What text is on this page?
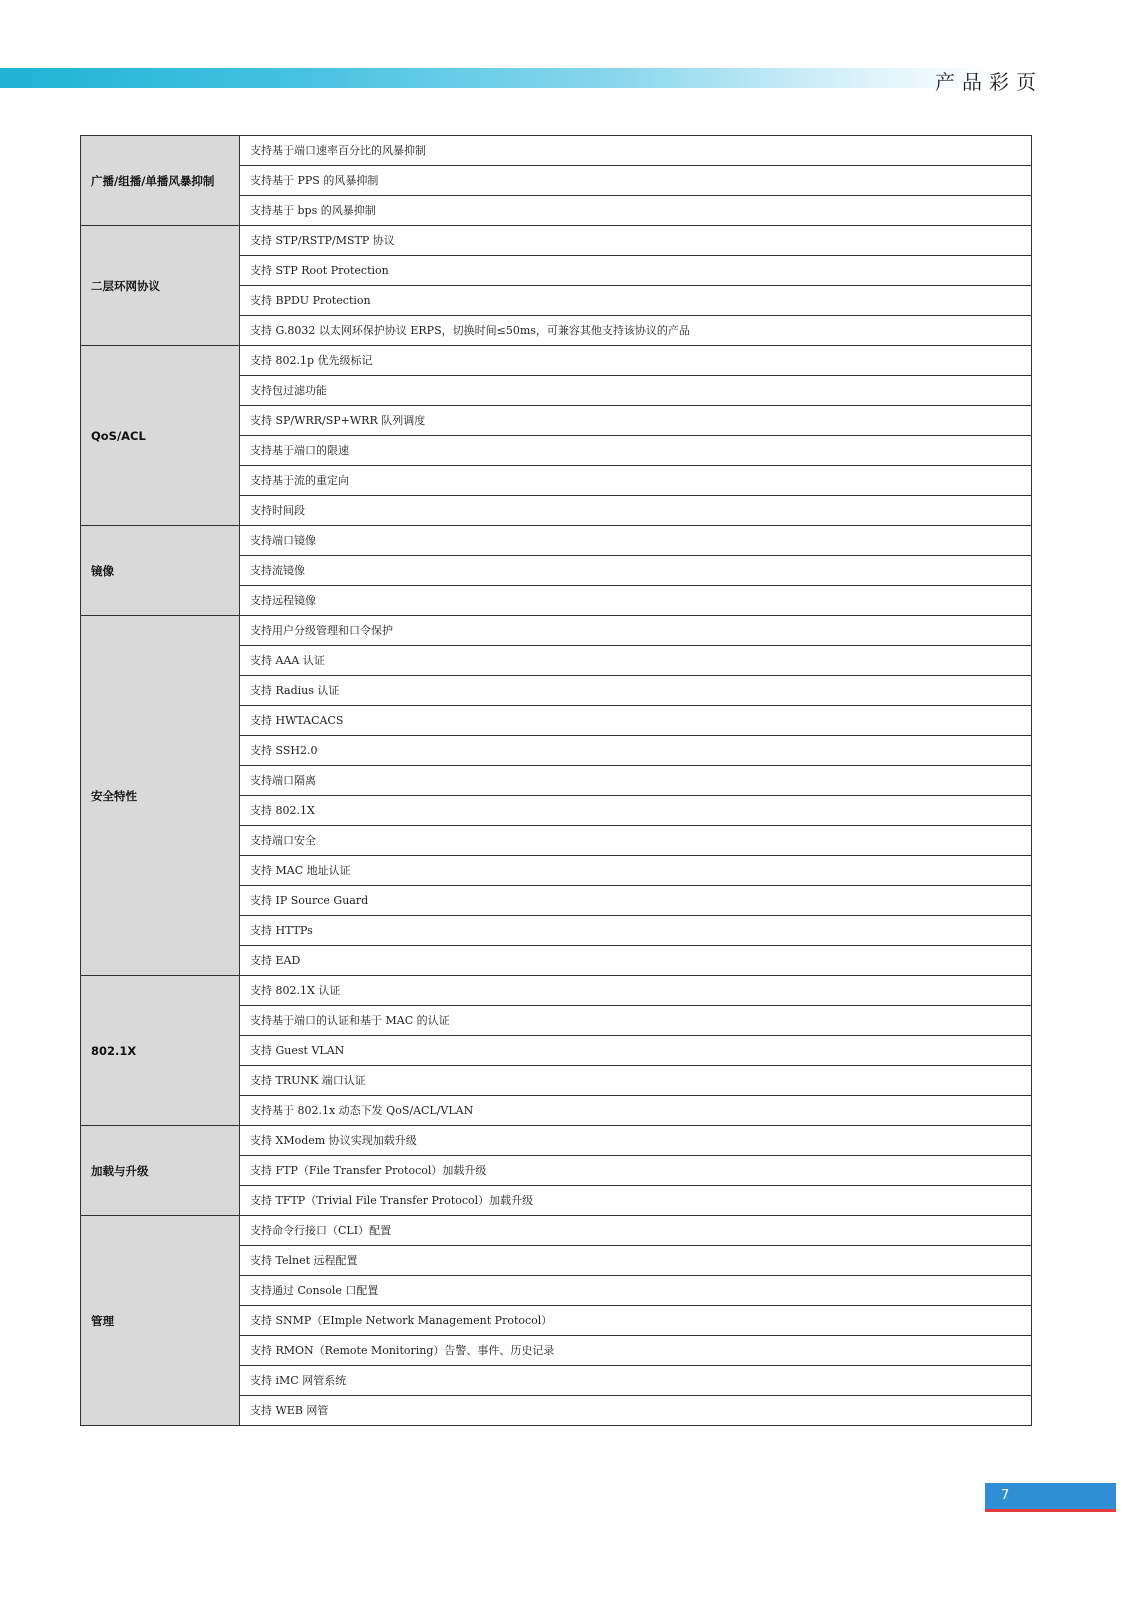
产品彩页
广播/组播/单播风暴抑制	支持基于端口速率百分比的风暴抑制
	支持基于 PPS 的风暴抑制
	支持基于 bps 的风暴抑制
二层环网协议	支持 STP/RSTP/MSTP 协议
	支持 STP Root Protection
	支持 BPDU Protection
	支持 G.8032 以太网环保护协议 ERPS，切换时间≤50ms，可兼容其他支持该协议的产品
QoS/ACL	支持 802.1p 优先级标记
	支持包过滤功能
	支持 SP/WRR/SP+WRR 队列调度
	支持基于端口的限速
	支持基于流的重定向
	支持时间段
镜像	支持端口镜像
	支持流镜像
	支持远程镜像
安全特性	支持用户分级管理和口令保护
	支持 AAA 认证
	支持 Radius 认证
	支持 HWTACACS
	支持 SSH2.0
	支持端口隔离
	支持 802.1X
	支持端口安全
	支持 MAC 地址认证
	支持 IP Source Guard
	支持 HTTPs
	支持 EAD
802.1X	支持 802.1X 认证
	支持基于端口的认证和基于 MAC 的认证
	支持 Guest VLAN
	支持 TRUNK 端口认证
	支持基于 802.1x 动态下发 QoS/ACL/VLAN
加载与升级	支持 XModem 协议实现加载升级
	支持 FTP（File Transfer Protocol）加载升级
	支持 TFTP（Trivial File Transfer Protocol）加载升级
管理	支持命令行接口（CLI）配置
	支持 Telnet 远程配置
	支持通过 Console 口配置
	支持 SNMP（EImple Network Management Protocol）
	支持 RMON（Remote Monitoring）告警、事件、历史记录
	支持 iMC 网管系统
	支持 WEB 网管
7
